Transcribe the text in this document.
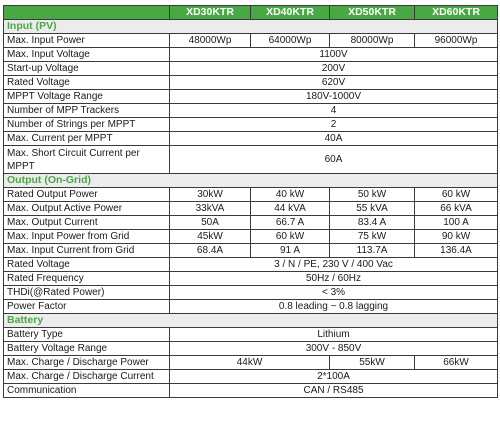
	XD30KTR	XD40KTR	XD50KTR	XD60KTR
Input (PV)				
Max. Input Power	48000Wp	64000Wp	80000Wp	96000Wp
Max. Input Voltage	1100V			
Start-up Voltage	200V			
Rated Voltage	620V			
MPPT Voltage Range	180V-1000V			
Number of MPP Trackers	4			
Number of Strings per MPPT	2			
Max. Current per MPPT	40A			
Max. Short Circuit Current per MPPT	60A			
Output (On-Grid)				
Rated Output Power	30kW	40 kW	50 kW	60 kW
Max. Output Active Power	33kVA	44 kVA	55 kVA	66 kVA
Max. Output Current	50A	66.7 A	83.4 A	100 A
Max. Input Power from Grid	45kW	60 kW	75 kW	90 kW
Max. Input Current from Grid	68.4A	91 A	113.7A	136.4A
Rated Voltage	3 / N / PE, 230 V / 400 Vac			
Rated Frequency	50Hz / 60Hz			
THDi(@Rated Power)	< 3%			
Power Factor	0.8 leading ~ 0.8 lagging			
Battery				
Battery Type	Lithium			
Battery Voltage Range	300V - 850V			
Max. Charge / Discharge Power	44kW		55kW	66kW
Max. Charge / Discharge Current	2*100A			
Communication	CAN / RS485			
